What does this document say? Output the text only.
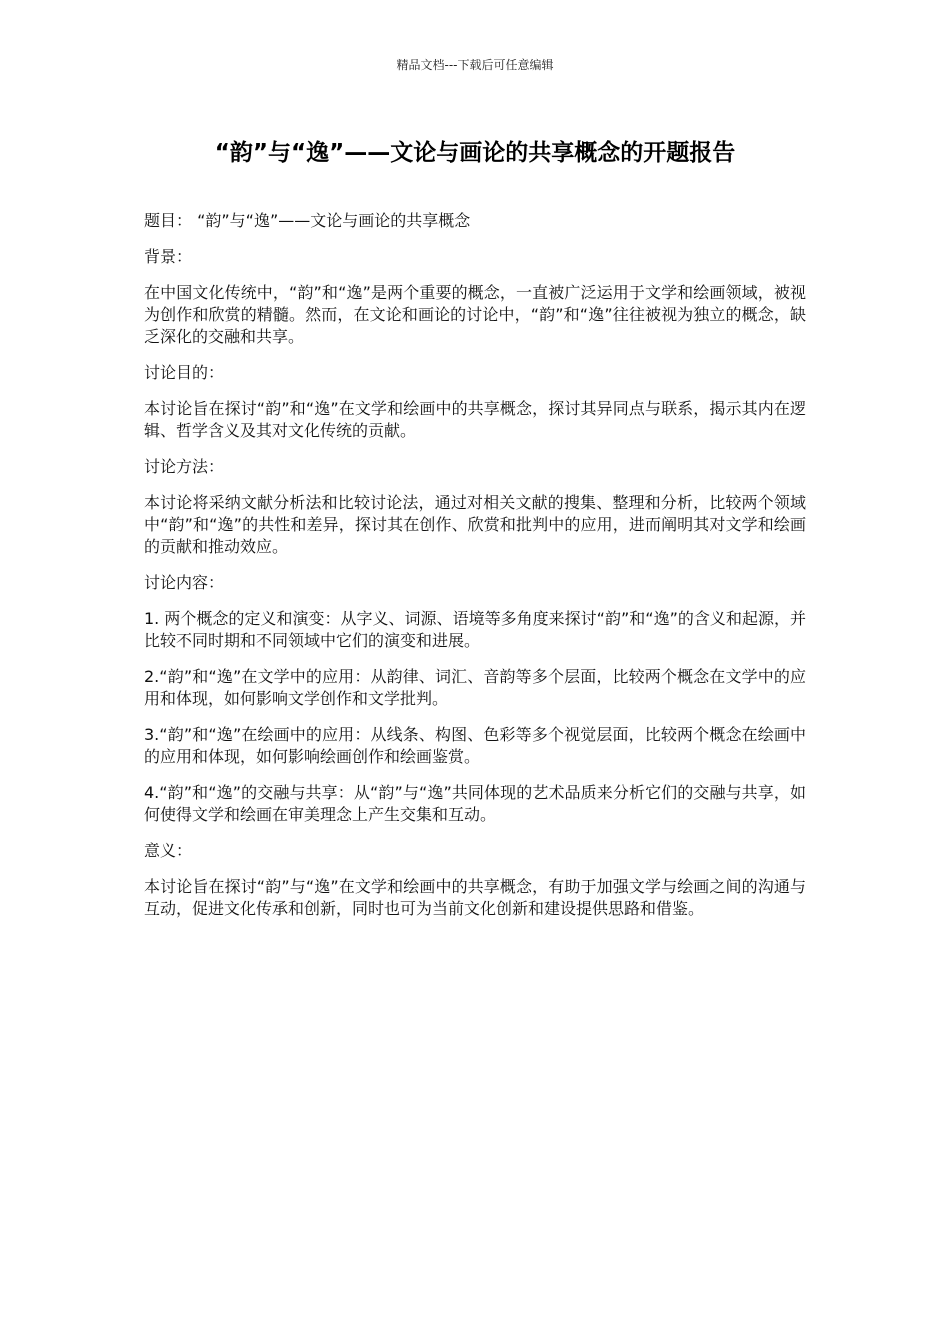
精品文档---下载后可任意编辑
“韵”与“逸”——文论与画论的共享概念的开题报告

题目： “韵”与“逸”——文论与画论的共享概念

背景：

在中国文化传统中，“韵”和“逸”是两个重要的概念，一直被广泛运用于文学和绘画领域，被视为创作和欣赏的精髓。然而，在文论和画论的讨论中，“韵”和“逸”往往被视为独立的概念，缺乏深化的交融和共享。

讨论目的：

本讨论旨在探讨“韵”和“逸”在文学和绘画中的共享概念，探讨其异同点与联系，揭示其内在逻辑、哲学含义及其对文化传统的贡献。

讨论方法：

本讨论将采纳文献分析法和比较讨论法，通过对相关文献的搜集、整理和分析，比较两个领域中“韵”和“逸”的共性和差异，探讨其在创作、欣赏和批判中的应用，进而阐明其对文学和绘画的贡献和推动效应。

讨论内容：

1. 两个概念的定义和演变：从字义、词源、语境等多角度来探讨“韵”和“逸”的含义和起源，并比较不同时期和不同领域中它们的演变和进展。

2.“韵”和“逸”在文学中的应用：从韵律、词汇、音韵等多个层面，比较两个概念在文学中的应用和体现，如何影响文学创作和文学批判。

3.“韵”和“逸”在绘画中的应用：从线条、构图、色彩等多个视觉层面，比较两个概念在绘画中的应用和体现，如何影响绘画创作和绘画鉴赏。

4.“韵”和“逸”的交融与共享：从“韵”与“逸”共同体现的艺术品质来分析它们的交融与共享，如何使得文学和绘画在审美理念上产生交集和互动。

意义：

本讨论旨在探讨“韵”与“逸”在文学和绘画中的共享概念，有助于加强文学与绘画之间的沟通与互动，促进文化传承和创新，同时也可为当前文化创新和建设提供思路和借鉴。
